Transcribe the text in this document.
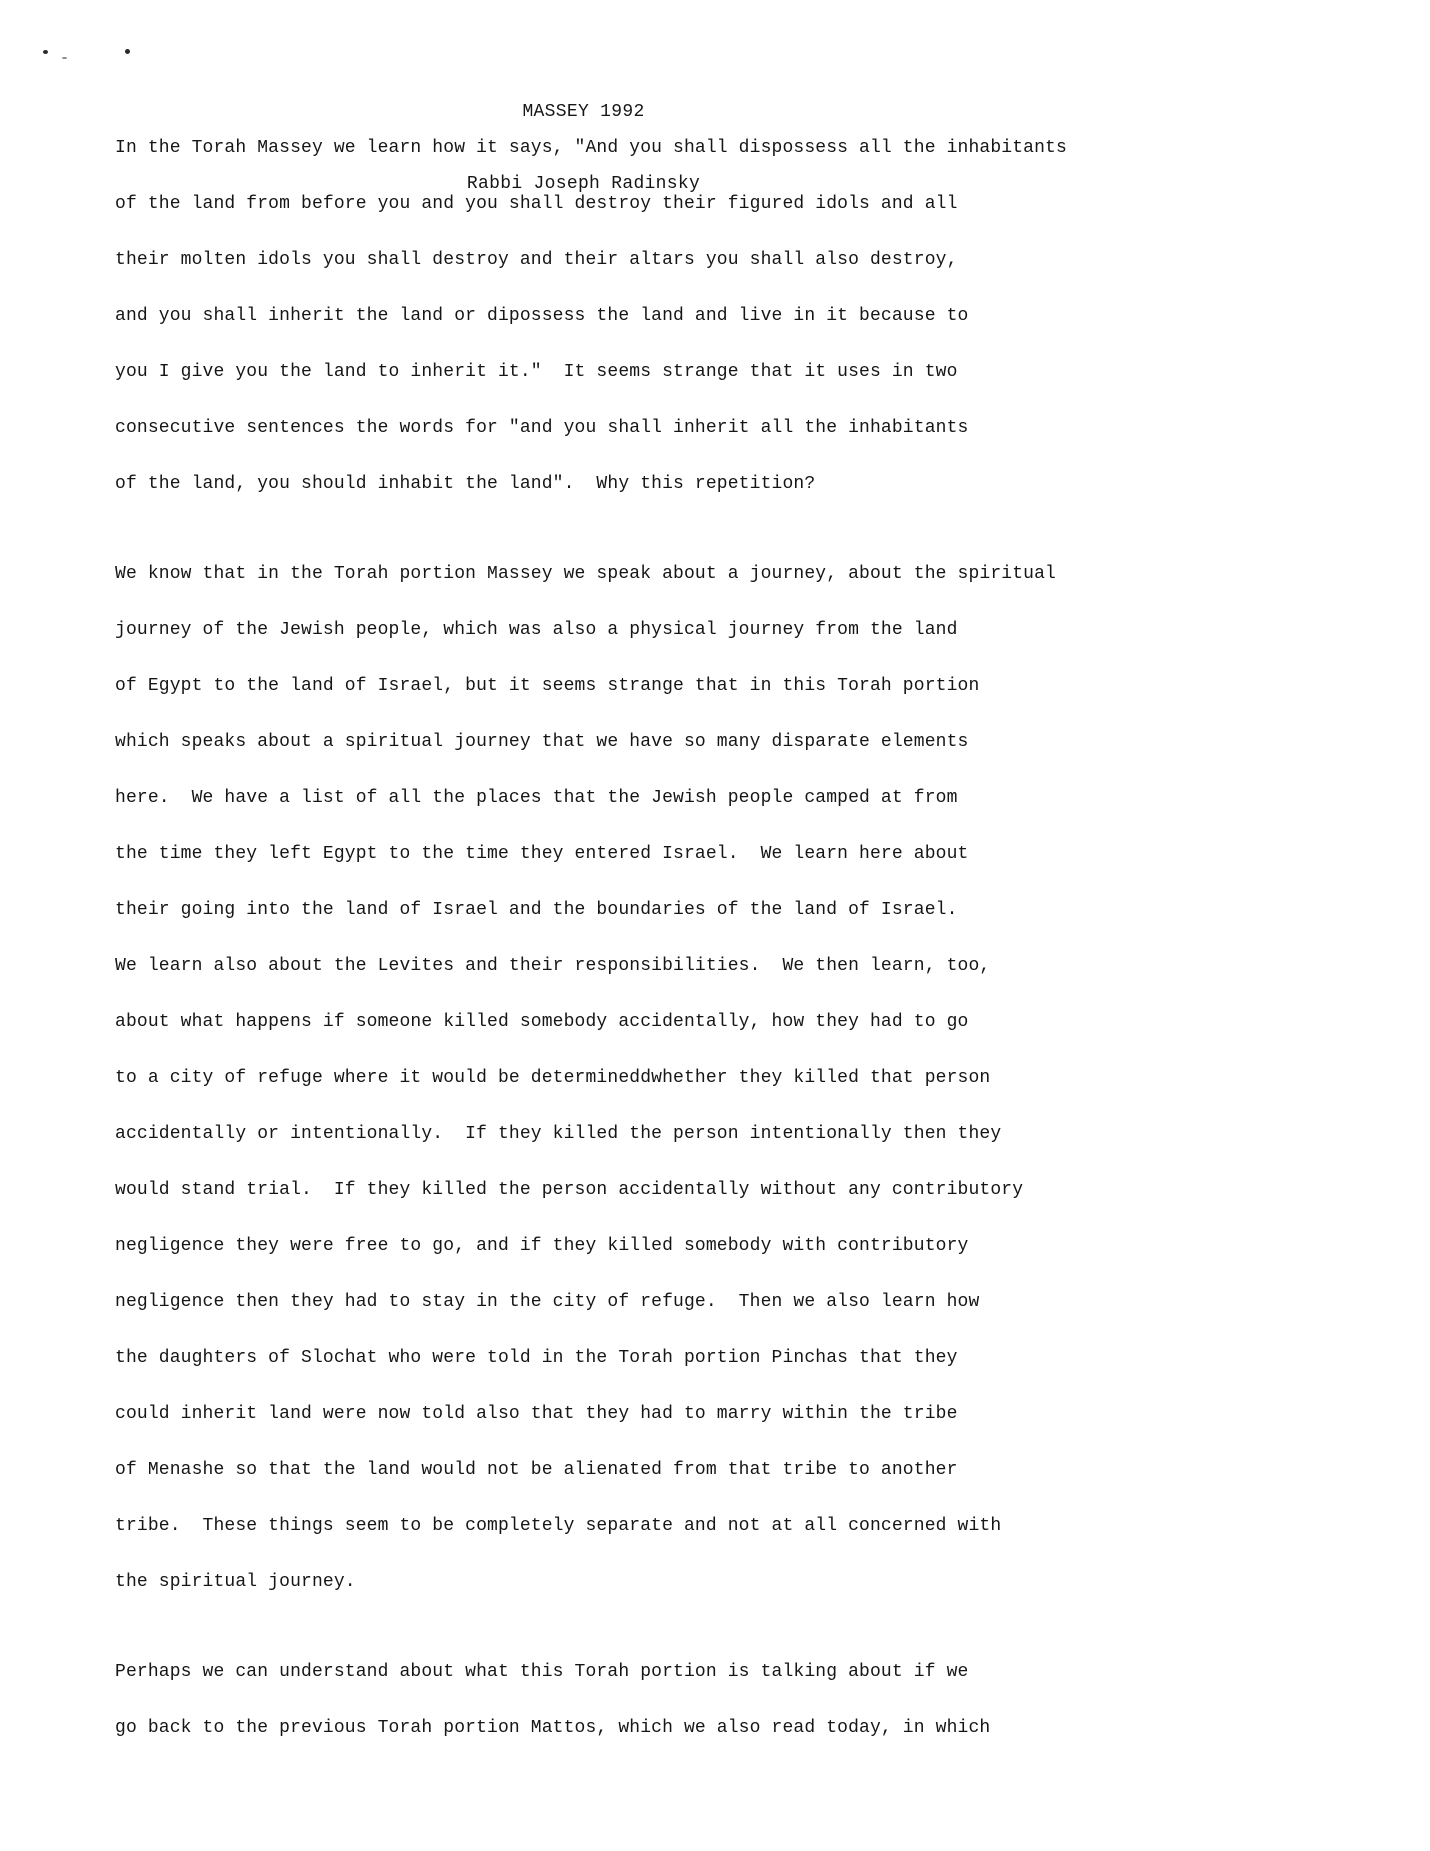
MASSEY 1992

Rabbi Joseph Radinsky

In the Torah Massey we learn how it says, "And you shall dispossess all the inhabitants
of the land from before you and you shall destroy their figured idols and all
their molten idols you shall destroy and their altars you shall also destroy,
and you shall inherit the land or dipossess the land and live in it because to
you I give you the land to inherit it."  It seems strange that it uses in two
consecutive sentences the words for "and you shall inherit all the inhabitants
of the land, you should inhabit the land".  Why this repetition?
We know that in the Torah portion Massey we speak about a journey, about the spiritual
journey of the Jewish people, which was also a physical journey from the land
of Egypt to the land of Israel, but it seems strange that in this Torah portion
which speaks about a spiritual journey that we have so many disparate elements
here.  We have a list of all the places that the Jewish people camped at from
the time they left Egypt to the time they entered Israel.  We learn here about
their going into the land of Israel and the boundaries of the land of Israel.
We learn also about the Levites and their responsibilities.  We then learn, too,
about what happens if someone killed somebody accidentally, how they had to go
to a city of refuge where it would be determineddwhether they killed that person
accidentally or intentionally.  If they killed the person intentionally then they
would stand trial.  If they killed the person accidentally without any contributory
negligence they were free to go, and if they killed somebody with contributory
negligence then they had to stay in the city of refuge.  Then we also learn how
the daughters of Slochat who were told in the Torah portion Pinchas that they
could inherit land were now told also that they had to marry within the tribe
of Menashe so that the land would not be alienated from that tribe to another
tribe.  These things seem to be completely separate and not at all concerned with
the spiritual journey.
Perhaps we can understand about what this Torah portion is talking about if we
go back to the previous Torah portion Mattos, which we also read today, in which
